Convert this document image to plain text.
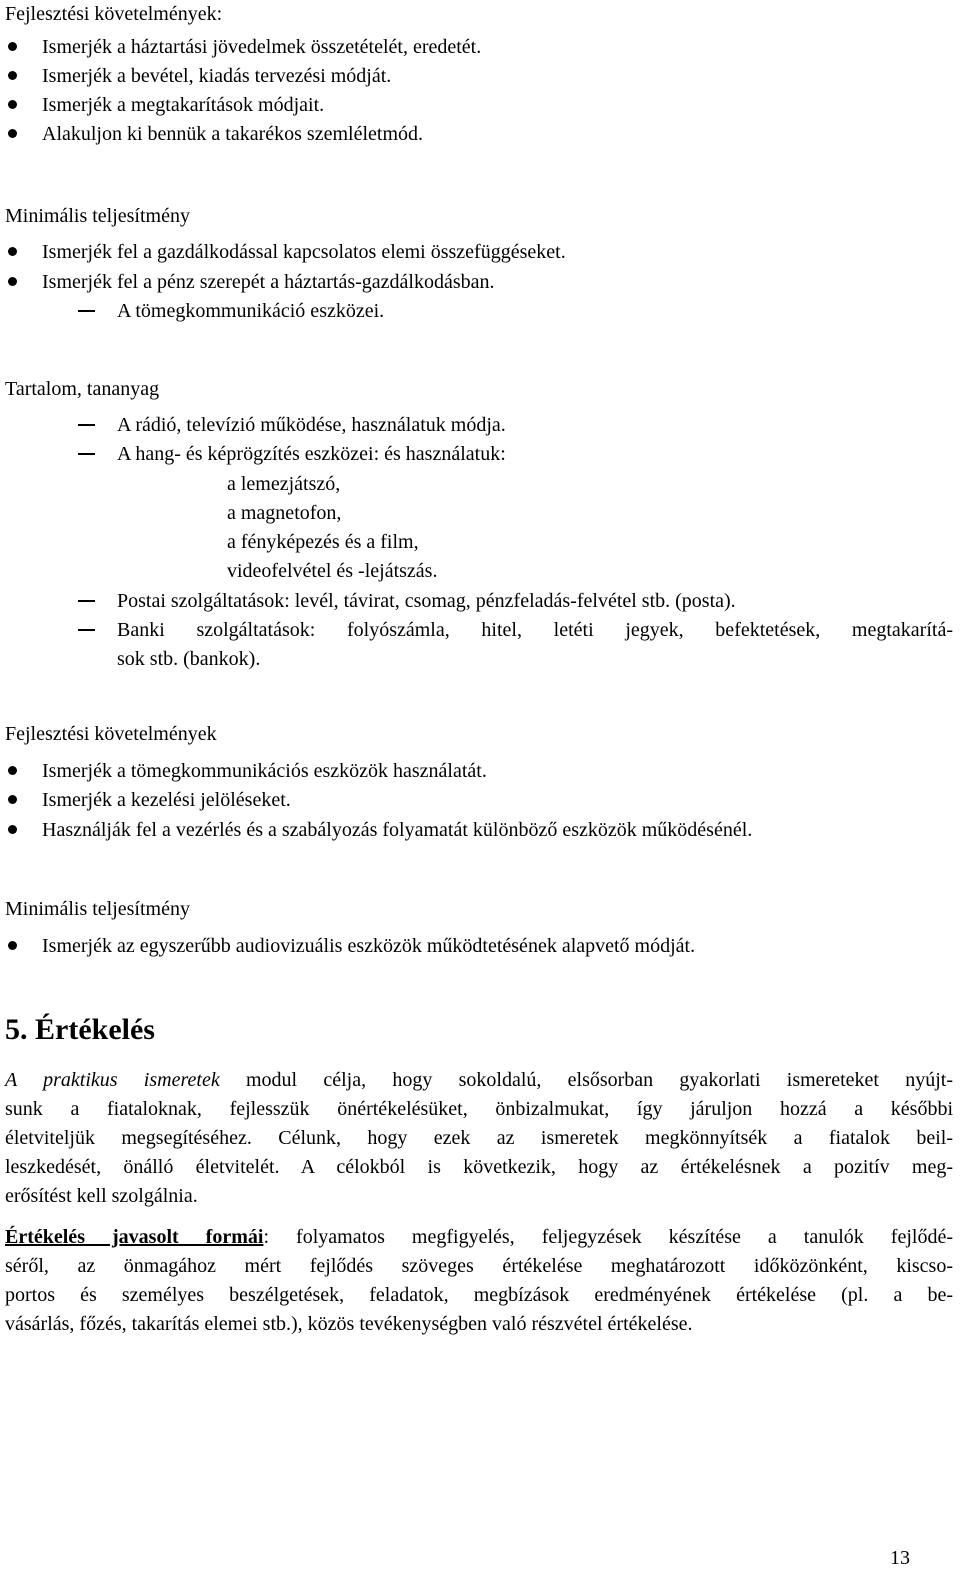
Fejlesztési követelmények:
Ismerjék a háztartási jövedelmek összetételét, eredetét.
Ismerjék a bevétel, kiadás tervezési módját.
Ismerjék a megtakarítások módjait.
Alakuljon ki bennük a takarékos szemléletmód.
Minimális teljesítmény
Ismerjék fel a gazdálkodással kapcsolatos elemi összefüggéseket.
Ismerjék fel a pénz szerepét a háztartás-gazdálkodásban.
A tömegkommunikáció eszközei.
Tartalom, tananyag
A rádió, televízió működése, használatuk módja.
A hang- és képrögzítés eszközei: és használatuk:
a lemezjátszó,
a magnetofon,
a fényképezés és a film,
videofelvétel és -lejátszás.
Postai szolgáltatások: levél, távirat, csomag, pénzfeladás-felvétel stb. (posta).
Banki szolgáltatások: folyószámla, hitel, letéti jegyek, befektetések, megtakarítá-
sok stb. (bankok).
Fejlesztési követelmények
Ismerjék a tömegkommunikációs eszközök használatát.
Ismerjék a kezelési jelöléseket.
Használják fel a vezérlés és a szabályozás folyamatát különböző eszközök működésénél.
Minimális teljesítmény
Ismerjék az egyszerűbb audiovizuális eszközök működtetésének alapvető módját.
5. Értékelés
A praktikus ismeretek modul célja, hogy sokoldalú, elsősorban gyakorlati ismereteket nyújt-
sunk a fiataloknak, fejlesszük önértékelésüket, önbizalmukat, így járuljon hozzá a későbbi
életviteljük megsegítéséhez. Célunk, hogy ezek az ismeretek megkönnyítsék a fiatalok beil-
leszkedését, önálló életvitelét. A célokból is következik, hogy az értékelésnek a pozitív meg-
erősítést kell szolgálnia.
Értékelés javasolt formái: folyamatos megfigyelés, feljegyzések készítése a tanulók fejlődé-
séről, az önmagához mért fejlődés szöveges értékelése meghatározott időközönként, kiscso-
portos és személyes beszélgetések, feladatok, megbízások eredményének értékelése (pl. a be-
vásárlás, főzés, takarítás elemei stb.), közös tevékenységben való részvétel értékelése.
13
